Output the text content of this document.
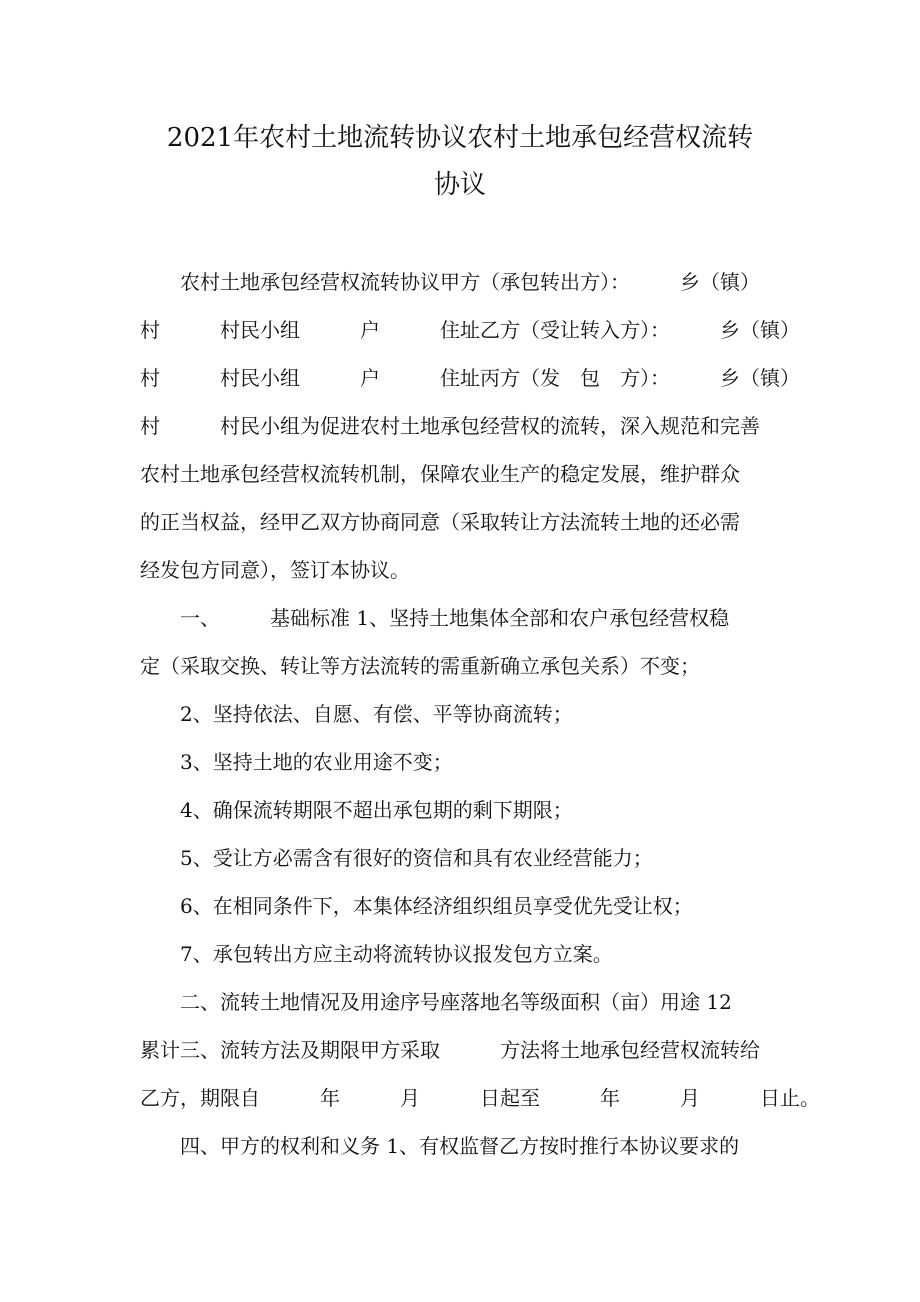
2021年农村土地流转协议农村土地承包经营权流转
协议
农村土地承包经营权流转协议甲方（承包转出方）：　　　乡（镇）
村　　　村民小组　　　户　　　住址乙方（受让转入方）：　　　乡（镇）
村　　　村民小组　　　户　　　住址丙方（发　包　方）：　　　乡（镇）
村　　　村民小组为促进农村土地承包经营权的流转，深入规范和完善
农村土地承包经营权流转机制，保障农业生产的稳定发展，维护群众
的正当权益，经甲乙双方协商同意（采取转让方法流转土地的还必需
经发包方同意），签订本协议。
一、　　　基础标准 1、坚持土地集体全部和农户承包经营权稳
定（采取交换、转让等方法流转的需重新确立承包关系）不变；
2、坚持依法、自愿、有偿、平等协商流转；
3、坚持土地的农业用途不变；
4、确保流转期限不超出承包期的剩下期限；
5、受让方必需含有很好的资信和具有农业经营能力；
6、在相同条件下，本集体经济组织组员享受优先受让权；
7、承包转出方应主动将流转协议报发包方立案。
二、流转土地情况及用途序号座落地名等级面积（亩）用途 12
累计三、流转方法及期限甲方采取　　　方法将土地承包经营权流转给
乙方，期限自　　　年　　　月　　　日起至　　　年　　　月　　　日止。
四、甲方的权利和义务 1、有权监督乙方按时推行本协议要求的
